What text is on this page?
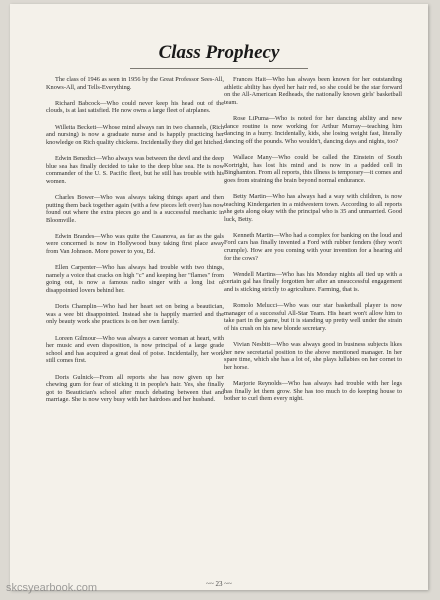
Class Prophecy

The class of 1946 as seen in 1956 by the Great Professor Sees-All, Knows-All, and Tells-Everything.

Richard Babcock—Who could never keep his head out of the clouds, is at last satisfied. He now owns a large fleet of airplanes.

Willeita Beckett—Whose mind always ran in two channels, (Rich and nursing) is now a graduate nurse and is happily practicing her knowledge on Rich quality chickens. Incidentally they did get hitched.

Edwin Benedict—Who always was between the devil and the deep blue sea has finally decided to take to the deep blue sea. He is now commander of the U. S. Pacific fleet, but he still has trouble with his women.

Charles Bower—Who was always taking things apart and then putting them back together again (with a few pieces left over) has now found out where the extra pieces go and is a successful mechanic in Bloomville.

Edwin Brandes—Who was quite the Casanova, as far as the gals were concerned is now in Hollywood busy taking first place away from Van Johnson. More power to you, Ed.

Ellen Carpenter—Who has always had trouble with two things, namely a voice that cracks on high "c" and keeping her "flames" from going out, is now a famous radio singer with a long list of disappointed lovers behind her.

Doris Champlin—Who had her heart set on being a beautician, was a wee bit disappointed. Instead she is happily married and the only beauty work she practices is on her own family.

Loreen Gilmour—Who was always a career woman at heart, with her music and even disposition, is now principal of a large grade school and has acquired a great deal of poise. Incidentally, her work still comes first.

Doris Gulnick—From all reports she has now given up her chewing gum for fear of sticking it in people's hair. Yes, she finally got to Beautician's school after much debating between that and marriage. She is now very busy with her hairdoes and her husband.

Frances Hait—Who has always been known for her outstanding athletic ability has dyed her hair red, so she could be the star forward on the All-American Redheads, the nationally known girls' basketball team.

Rose LiPuma—Who is noted for her dancing ability and new dance routine is now working for Arthur Murray—teaching him dancing in a hurry. Incidentally, kids, she losing weight fast, literally dancing off the pounds. Who wouldn't, dancing days and nights, too?

Wallace Many—Who could be called the Einstein of South Kortright, has lost his mind and is now in a padded cell in Binghamton. From all reports, this illness is temporary—it comes and goes from straining the brain beyond normal endurance.

Betty Martin—Who has always had a way with children, is now teaching Kindergarten in a midwestern town. According to all reports she gets along okay with the principal who is 35 and unmarried. Good luck, Betty.

Kenneth Martin—Who had a complex for banking on the loud and Ford cars has finally invented a Ford with rubber fenders (they won't crumple). How are you coming with your invention for a hearing aid for the cows?

Wendell Martins—Who has his Monday nights all tied up with a certain gal has finally forgotten her after an unsuccessful engagement and is sticking strictly to agriculture. Farming, that is.

Romolo Melucci—Who was our star basketball player is now manager of a successful All-Star Team. His heart won't allow him to take part in the game, but it is standing up pretty well under the strain of his crush on his new blonde secretary.

Vivian Nesbitt—Who was always good in business subjects likes her new secretarial position to the above mentioned manager. In her spare time, which she has a lot of, she plays lullabies on her cornet to her horse.

Marjorie Reynolds—Who has always had trouble with her legs has finally let them grow. She has too much to do keeping house to bother to curl them every night.

~~ 23 ~~
skcsyearbook.com
